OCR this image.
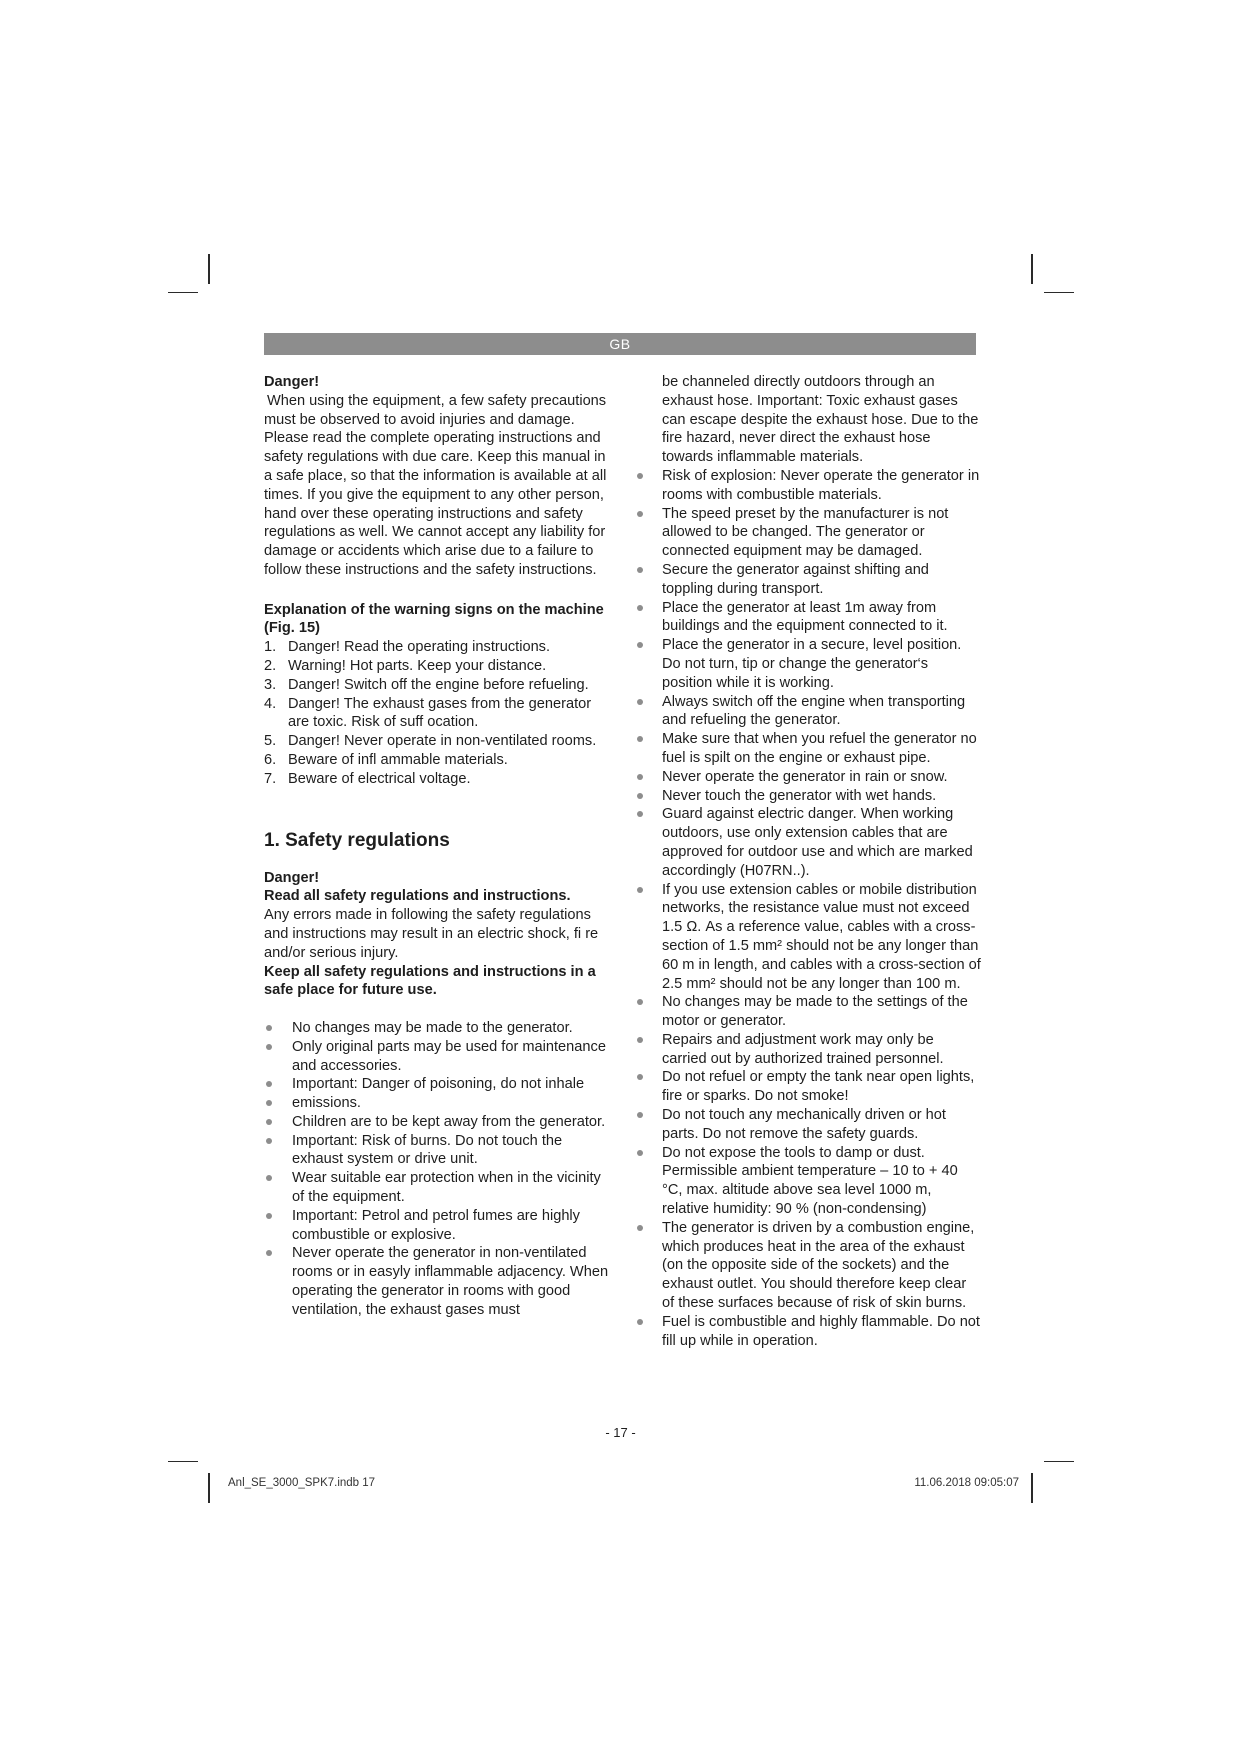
GB

Danger!

When using the equipment, a few safety precautions must be observed to avoid injuries and damage. Please read the complete operating instructions and safety regulations with due care. Keep this manual in a safe place, so that the information is available at all times. If you give the equipment to any other person, hand over these operating instructions and safety regulations as well. We cannot accept any liability for damage or accidents which arise due to a failure to follow these instructions and the safety instructions.

Explanation of the warning signs on the machine (Fig. 15)

1. Danger! Read the operating instructions.
2. Warning! Hot parts. Keep your distance.
3. Danger! Switch off the engine before refueling.
4. Danger! The exhaust gases from the generator are toxic. Risk of suff ocation.
5. Danger! Never operate in non-ventilated rooms.
6. Beware of infl ammable materials.
7. Beware of electrical voltage.

1. Safety regulations

Danger!

Read all safety regulations and instructions.

Any errors made in following the safety regulations and instructions may result in an electric shock, fi re and/or serious injury.

Keep all safety regulations and instructions in a safe place for future use.

No changes may be made to the generator.
Only original parts may be used for maintenance and accessories.
Important: Danger of poisoning, do not inhale
emissions.
Children are to be kept away from the generator.
Important: Risk of burns. Do not touch the exhaust system or drive unit.
Wear suitable ear protection when in the vicinity of the equipment.
Important: Petrol and petrol fumes are highly combustible or explosive.
Never operate the generator in non-ventilated rooms or in easyly inflammable adjacency. When operating the generator in rooms with good ventilation, the exhaust gases must

be channeled directly outdoors through an exhaust hose. Important: Toxic exhaust gases can escape despite the exhaust hose. Due to the fire hazard, never direct the exhaust hose towards inflammable materials.

Risk of explosion: Never operate the generator in rooms with combustible materials.
The speed preset by the manufacturer is not allowed to be changed. The generator or connected equipment may be damaged.
Secure the generator against shifting and toppling during transport.
Place the generator at least 1m away from buildings and the equipment connected to it.
Place the generator in a secure, level position. Do not turn, tip or change the generator‘s position while it is working.
Always switch off the engine when transporting and refueling the generator.
Make sure that when you refuel the generator no fuel is spilt on the engine or exhaust pipe.
Never operate the generator in rain or snow.
Never touch the generator with wet hands.
Guard against electric danger. When working outdoors, use only extension cables that are approved for outdoor use and which are marked accordingly (H07RN..).
If you use extension cables or mobile distribution networks, the resistance value must not exceed 1.5 Ω. As a reference value, cables with a cross-section of 1.5 mm² should not be any longer than 60 m in length, and cables with a cross-section of 2.5 mm² should not be any longer than 100 m.
No changes may be made to the settings of the motor or generator.
Repairs and adjustment work may only be carried out by authorized trained personnel.
Do not refuel or empty the tank near open lights, fire or sparks. Do not smoke!
Do not touch any mechanically driven or hot parts. Do not remove the safety guards.
Do not expose the tools to damp or dust. Permissible ambient temperature – 10 to + 40 °C, max. altitude above sea level 1000 m, relative humidity: 90 % (non-condensing)
The generator is driven by a combustion engine, which produces heat in the area of the exhaust (on the opposite side of the sockets) and the exhaust outlet. You should therefore keep clear of these surfaces because of risk of skin burns.
Fuel is combustible and highly flammable. Do not fill up while in operation.
- 17 -
Anl_SE_3000_SPK7.indb 17	11.06.2018 09:05:07
